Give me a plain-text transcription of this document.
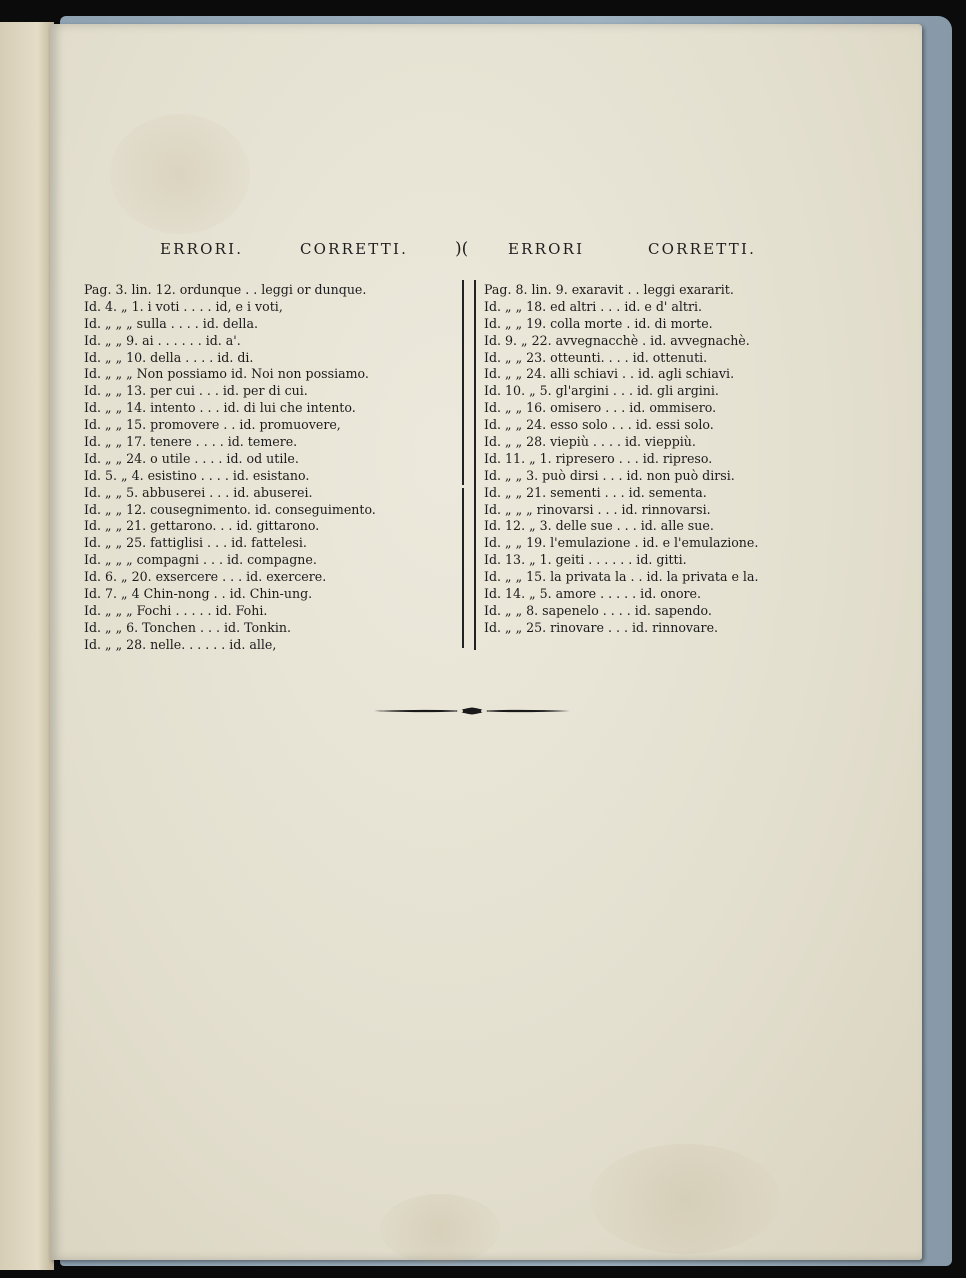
ERRORI.	CORRETTI.	)(	ERRORI	CORRETTI.
Pag. 3. lin. 12. ordunque . . leggi or dunque.
Id. 4. „ 1. i voti . . . . id, e i voti,
Id. „ „ „ sulla . . . . id. della.
Id. „ „ 9. ai . . . . . . id. a'.
Id. „ „ 10. della . . . . id. di.
Id. „ „ „ Non possiamo id. Noi non possiamo.
Id. „ „ 13. per cui . . . id. per di cui.
Id. „ „ 14. intento . . . id. di lui che intento.
Id. „ „ 15. promovere . . id. promuovere,
Id. „ „ 17. tenere . . . . id. temere.
Id. „ „ 24. o utile . . . . id. od utile.
Id. 5. „ 4. esistino . . . . id. esistano.
Id. „ „ 5. abbuserei . . . id. abuserei.
Id. „ „ 12. cousegnimento. id. conseguimento.
Id. „ „ 21. gettarono. . . id. gittarono.
Id. „ „ 25. fattiglisi . . . id. fattelesi.
Id. „ „ „ compagni . . . id. compagne.
Id. 6. „ 20. exsercere . . . id. exercere.
Id. 7. „ 4 Chin-nong . . id. Chin-ung.
Id. „ „ „ Fochi . . . . . id. Fohi.
Id. „ „ 6. Tonchen . . . id. Tonkin.
Id. „ „ 28. nelle. . . . . . id. alle,
Pag. 8. lin. 9. exaravit . . leggi exararit.
Id. „ „ 18. ed altri . . . id. e d' altri.
Id. „ „ 19. colla morte . id. di morte.
Id. 9. „ 22. avvegnacchè . id. avvegnachè.
Id. „ „ 23. otteunti. . . . id. ottenuti.
Id. „ „ 24. alli schiavi . . id. agli schiavi.
Id. 10. „ 5. gl'argini . . . id. gli argini.
Id. „ „ 16. omisero . . . id. ommisero.
Id. „ „ 24. esso solo . . . id. essi solo.
Id. „ „ 28. viepiù . . . . id. vieppiù.
Id. 11. „ 1. ripresero . . . id. ripreso.
Id. „ „ 3. può dirsi . . . id. non può dirsi.
Id. „ „ 21. sementi . . . id. sementa.
Id. „ „ „ rinovarsi . . . id. rinnovarsi.
Id. 12. „ 3. delle sue . . . id. alle sue.
Id. „ „ 19. l'emulazione . id. e l'emulazione.
Id. 13. „ 1. geiti . . . . . . id. gitti.
Id. „ „ 15. la privata la . . id. la privata e la.
Id. 14. „ 5. amore . . . . . id. onore.
Id. „ „ 8. sapenelo . . . . id. sapendo.
Id. „ „ 25. rinovare . . . id. rinnovare.
